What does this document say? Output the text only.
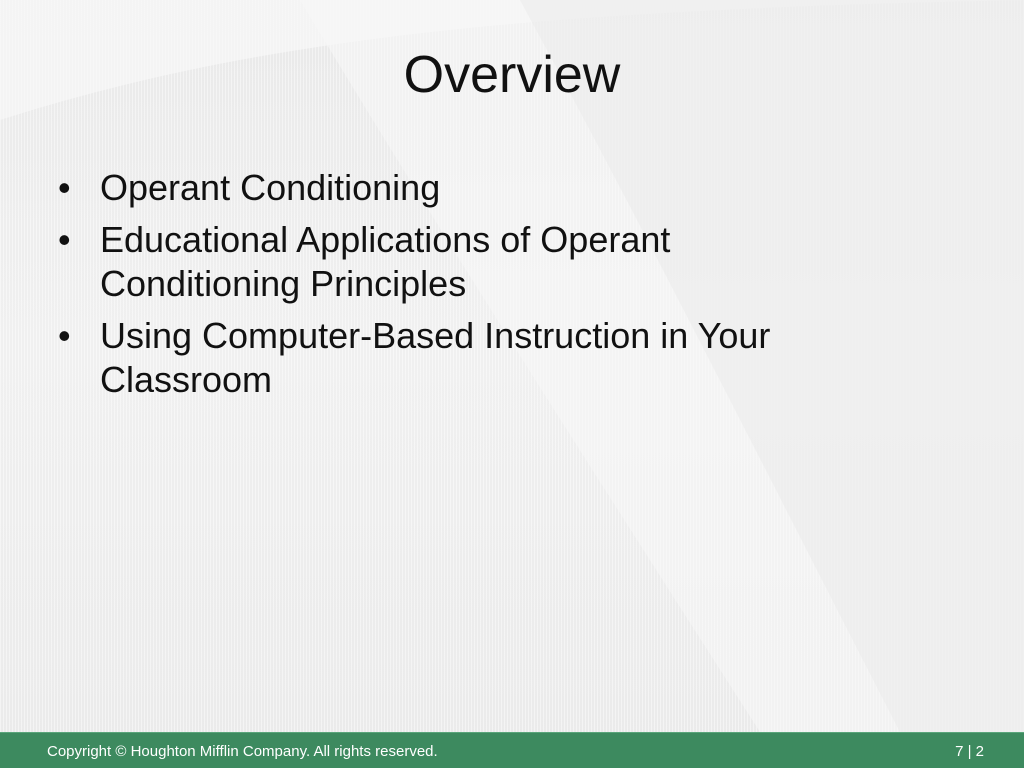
Overview
• Operant Conditioning
• Educational Applications of Operant Conditioning Principles
• Using Computer-Based Instruction in Your Classroom
Copyright © Houghton Mifflin Company. All rights reserved.	7 | 2
